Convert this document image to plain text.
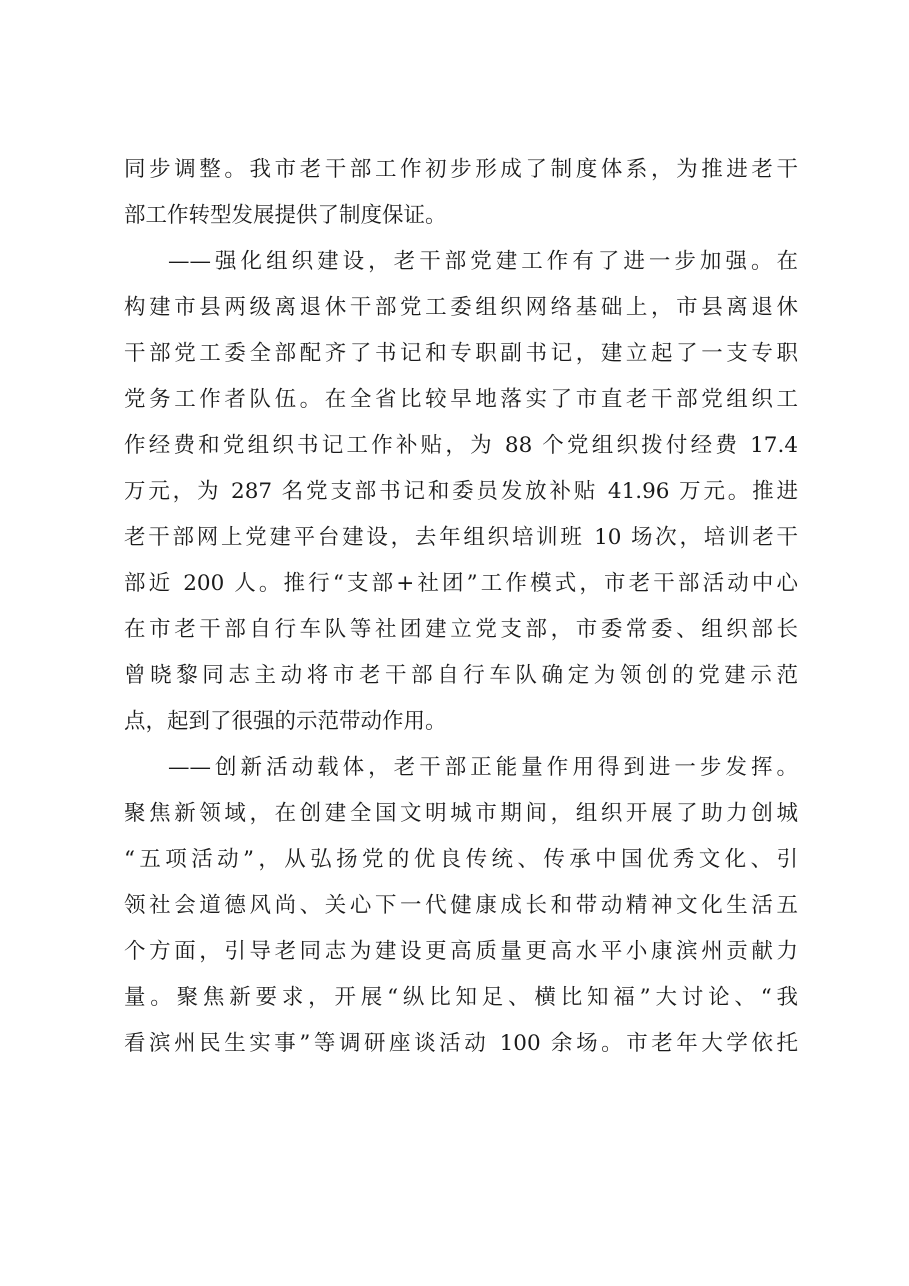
同步调整。我市老干部工作初步形成了制度体系，为推进老干
部工作转型发展提供了制度保证。
——强化组织建设，老干部党建工作有了进一步加强。在
构建市县两级离退休干部党工委组织网络基础上，市县离退休
干部党工委全部配齐了书记和专职副书记，建立起了一支专职
党务工作者队伍。在全省比较早地落实了市直老干部党组织工
作经费和党组织书记工作补贴，为 88 个党组织拨付经费 17.4
万元，为 287 名党支部书记和委员发放补贴 41.96 万元。推进
老干部网上党建平台建设，去年组织培训班 10 场次，培训老干
部近 200 人。推行“支部+社团”工作模式，市老干部活动中心
在市老干部自行车队等社团建立党支部，市委常委、组织部长
曾晓黎同志主动将市老干部自行车队确定为领创的党建示范
点，起到了很强的示范带动作用。
——创新活动载体，老干部正能量作用得到进一步发挥。
聚焦新领域，在创建全国文明城市期间，组织开展了助力创城
“五项活动”，从弘扬党的优良传统、传承中国优秀文化、引
领社会道德风尚、关心下一代健康成长和带动精神文化生活五
个方面，引导老同志为建设更高质量更高水平小康滨州贡献力
量。聚焦新要求，开展“纵比知足、横比知福”大讨论、“我
看滨州民生实事”等调研座谈活动 100 余场。市老年大学依托
